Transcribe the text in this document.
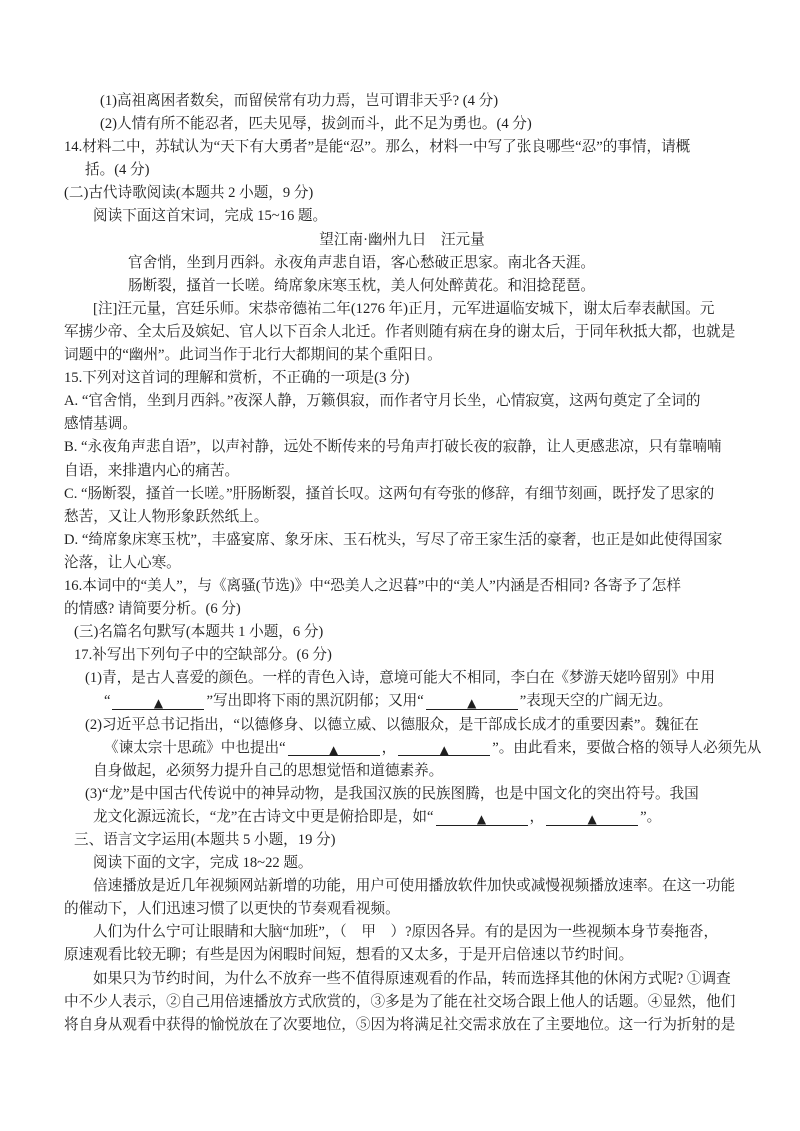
(1)高祖离困者数矣，而留侯常有功力焉，岂可谓非天乎? (4 分)
(2)人情有所不能忍者，匹夫见辱，拔剑而斗，此不足为勇也。(4 分)
14.材料二中，苏轼认为“天下有大勇者”是能“忍”。那么，材料一中写了张良哪些“忍”的事情，请概
括。(4 分)
(二)古代诗歌阅读(本题共 2 小题，9 分)
阅读下面这首宋词，完成 15~16 题。
望江南·幽州九日　汪元量
官舍悄，坐到月西斜。永夜角声悲自语，客心愁破正思家。南北各天涯。
肠断裂，搔首一长嗟。绮席象床寒玉枕，美人何处醉黄花。和泪捻琵琶。
[注]汪元量，宫廷乐师。宋恭帝德祐二年(1276 年)正月，元军进逼临安城下，谢太后奉表献国。元
军掳少帝、全太后及嫔妃、官人以下百余人北迁。作者则随有病在身的谢太后，于同年秋抵大都，也就是
词题中的“幽州”。此词当作于北行大都期间的某个重阳日。
15.下列对这首词的理解和赏析，不正确的一项是(3 分)
A. “官舍悄，坐到月西斜。”夜深人静，万籁俱寂，而作者守月长坐，心情寂寞，这两句奠定了全词的
感情基调。
B. “永夜角声悲自语”，以声衬静，远处不断传来的号角声打破长夜的寂静，让人更感悲凉，只有靠喃喃
自语，来排遣内心的痛苦。
C. “肠断裂，搔首一长嗟。”肝肠断裂，搔首长叹。这两句有夸张的修辞，有细节刻画，既抒发了思家的
愁苦，又让人物形象跃然纸上。
D. “绮席象床寒玉枕”，丰盛宴席、象牙床、玉石枕头，写尽了帝王家生活的豪奢，也正是如此使得国家
沦落，让人心寒。
16.本词中的“美人”，与《离骚(节选)》中“恐美人之迟暮”中的“美人”内涵是否相同? 各寄予了怎样
的情感? 请简要分析。(6 分)
(三)名篇名句默写(本题共 1 小题，6 分)
17.补写出下列句子中的空缺部分。(6 分)
(1)青，是古人喜爱的颜色。一样的青色入诗，意境可能大不相同，李白在《梦游天姥吟留别》中用
“	▲	”写出即将下雨的黑沉阴郁；又用“	▲	”表现天空的广阔无边。
(2)习近平总书记指出，“以德修身、以德立威、以德服众，是干部成长成才的重要因素”。魏征在
《谏太宗十思疏》中也提出“	▲	，	▲	”。由此看来，要做合格的领导人必须先从
自身做起，必须努力提升自己的思想觉悟和道德素养。
(3)“龙”是中国古代传说中的神异动物，是我国汉族的民族图腾，也是中国文化的突出符号。我国
龙文化源远流长，“龙”在古诗文中更是俯拾即是，如“	▲	，	▲	”。
三、语言文字运用(本题共 5 小题，19 分)
阅读下面的文字，完成 18~22 题。
倍速播放是近几年视频网站新增的功能，用户可使用播放软件加快或减慢视频播放速率。在这一功能
的催动下，人们迅速习惯了以更快的节奏观看视频。
人们为什么宁可让眼睛和大脑“加班”，（　甲　）?原因各异。有的是因为一些视频本身节奏拖沓，
原速观看比较无聊；有些是因为闲暇时间短，想看的又太多，于是开启倍速以节约时间。
如果只为节约时间，为什么不放弃一些不值得原速观看的作品，转而选择其他的休闲方式呢? ①调查
中不少人表示，②自己用倍速播放方式欣赏的，③多是为了能在社交场合跟上他人的话题。④显然，他们
将自身从观看中获得的愉悦放在了次要地位，⑤因为将满足社交需求放在了主要地位。这一行为折射的是
